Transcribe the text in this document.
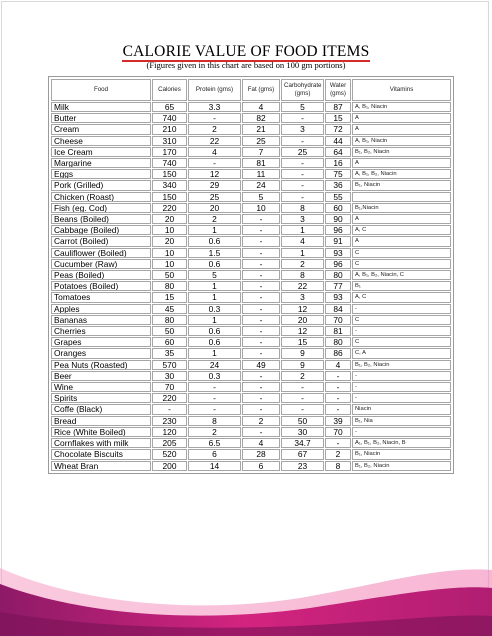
CALORIE VALUE OF FOOD ITEMS
(Figures given in this chart are based on 100 gm portions)
Food	Calories	Protein (gms)	Fat (gms)	Carbohydrate (gms)	Water (gms)	Vitamins
Milk	65	3.3	4	5	87	A, B₁, Niacin
Butter	740	-	82	-	15	A
Cream	210	2	21	3	72	A
Cheese	310	22	25	-	44	A, B₁, Niacin
Ice Cream	170	4	7	25	64	B₁, B₂, Niacin
Margarine	740	-	81	-	16	A
Eggs	150	12	11	-	75	A, B₁, B₂, Niacin
Pork (Grilled)	340	29	24	-	36	B₁, Niacin
Chicken (Roast)	150	25	5	-	55	
Fish (eg. Cod)	220	20	10	8	60	B₁,Niacin
Beans (Boiled)	20	2	-	3	90	A
Cabbage (Boiled)	10	1	-	1	96	A, C
Carrot (Boiled)	20	0.6	-	4	91	A
Cauliflower (Boiled)	10	1.5	-	1	93	C
Cucumber (Raw)	10	0.6	-	2	96	C
Peas (Boiled)	50	5	-	8	80	A, B₁, B₂, Niacin, C
Potatoes (Boiled)	80	1	-	22	77	B₁
Tomatoes	15	1	-	3	93	A, C
Apples	45	0.3	-	12	84	-
Bananas	80	1	-	20	70	C
Cherries	50	0.6	-	12	81	-
Grapes	60	0.6	-	15	80	C
Oranges	35	1	-	9	86	C, A
Pea Nuts (Roasted)	570	24	49	9	4	B₁, B₂, Niacin
Beer	30	0.3	-	2	-	-
Wine	70	-	-	-	-	-
Spirits	220	-	-	-	-	-
Coffe (Black)	-	-	-	-	-	Niacin
Bread	230	8	2	50	39	B₁, Nia
Rice (White Boiled)	120	2	-	30	70	-
Cornflakes with milk	205	6.5	4	34.7	-	A₁, B₁, B₂, Niacin, B
Chocolate Biscuits	520	6	28	67	2	B₁, Niacin
Wheat Bran	200	14	6	23	8	B₁, B₂, Niacin
